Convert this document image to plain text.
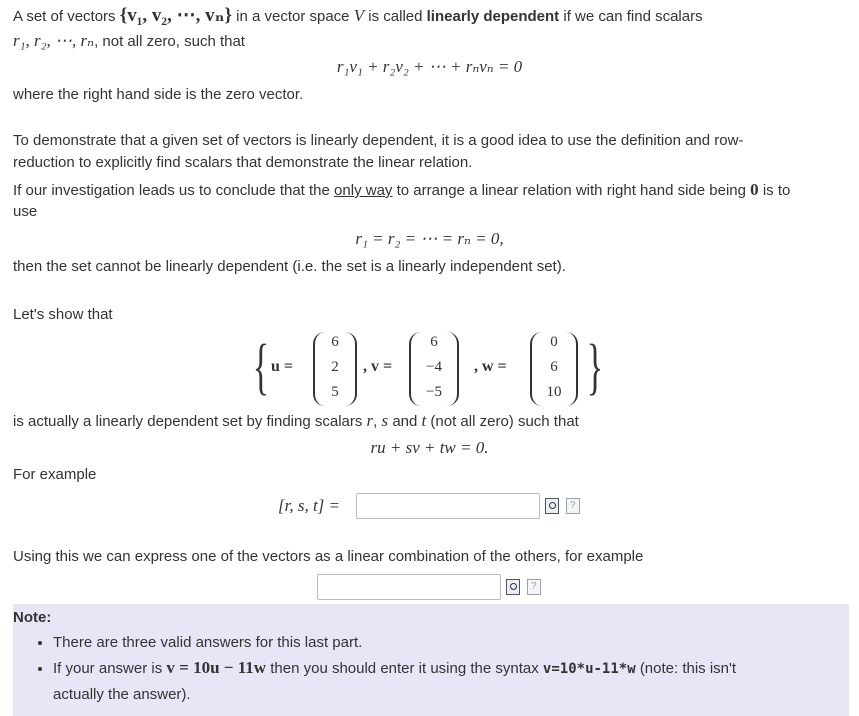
A set of vectors {v₁, v₂, ⋯, vₙ} in a vector space V is called linearly dependent if we can find scalars
r₁, r₂, ⋯, rₙ, not all zero, such that
r₁v₁ + r₂v₂ + ⋯ + rₙvₙ = 0
where the right hand side is the zero vector.
To demonstrate that a given set of vectors is linearly dependent, it is a good idea to use the definition and row-
reduction to explicitly find scalars that demonstrate the linear relation.
If our investigation leads us to conclude that the only way to arrange a linear relation with right hand side being 0 is to
use
r₁ = r₂ = ⋯ = rₙ = 0,
then the set cannot be linearly dependent (i.e. the set is a linearly independent set).
Let's show that
{ u =
6
2
5
, v =
6
−4
−5
, w =
0
6
10 }
is actually a linearly dependent set by finding scalars r, s and t (not all zero) such that
ru + sv + tw = 0.
For example
[r, s, t] =
?
Using this we can express one of the vectors as a linear combination of the others, for example
?
Note:
• There are three valid answers for this last part.
• If your answer is v = 10u − 11w then you should enter it using the syntax v=10*u-11*w (note: this isn't
actually the answer).
